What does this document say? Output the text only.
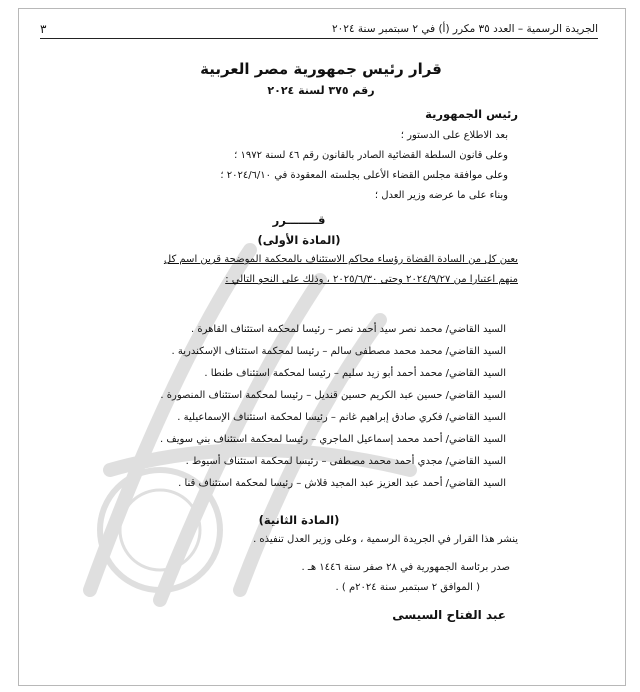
الجريدة الرسمية – العدد ٣٥ مكرر (أ) في ٢ سبتمبر سنة ٢٠٢٤
٣
قرار رئيس جمهورية مصر العربية
رقم ٣٧٥ لسنة ٢٠٢٤
رئيس الجمهورية
بعد الاطلاع على الدستور ؛
وعلى قانون السلطة القضائية الصادر بالقانون رقم ٤٦ لسنة ١٩٧٢ ؛
وعلى موافقة مجلس القضاء الأعلى بجلسته المعقودة في ٢٠٢٤/٦/١٠ ؛
وبناء على ما عرضه وزير العدل ؛
قــــــــرر
(المادة الأولى)
يعين كل من السادة القضاة رؤساء محاكم الاستئناف بالمحكمة الموضحة قرين اسم كل
منهم اعتبارا من ٢٠٢٤/٩/٢٧ وحتى ٢٠٢٥/٦/٣٠ ، وذلك على النحو التالي :
السيد القاضي/ محمد نصر سيد أحمد نصر – رئيسا لمحكمة استئناف القاهرة .
السيد القاضي/ محمد محمد مصطفى سالم – رئيسا لمحكمة استئناف الإسكندرية .
السيد القاضي/ محمد أحمد أبو زيد سليم – رئيسا لمحكمة استئناف طنطا .
السيد القاضي/ حسين عبد الكريم حسين قنديل – رئيسا لمحكمة استئناف المنصورة .
السيد القاضي/ فكري صادق إبراهيم غانم – رئيسا لمحكمة استئناف الإسماعيلية .
السيد القاضي/ أحمد محمد إسماعيل الماجري – رئيسا لمحكمة استئناف بني سويف .
السيد القاضي/ مجدي أحمد محمد مصطفى – رئيسا لمحكمة استئناف أسيوط .
السيد القاضي/ أحمد عبد العزيز عبد المجيد قلاش – رئيسا لمحكمة استئناف قنا .
(المادة الثانية)
ينشر هذا القرار في الجريدة الرسمية ، وعلى وزير العدل تنفيذه .
صدر برئاسة الجمهورية في ٢٨ صفر سنة ١٤٤٦ هـ .
( الموافق ٢ سبتمبر سنة ٢٠٢٤م ) .
عبد الفتاح السيسى
